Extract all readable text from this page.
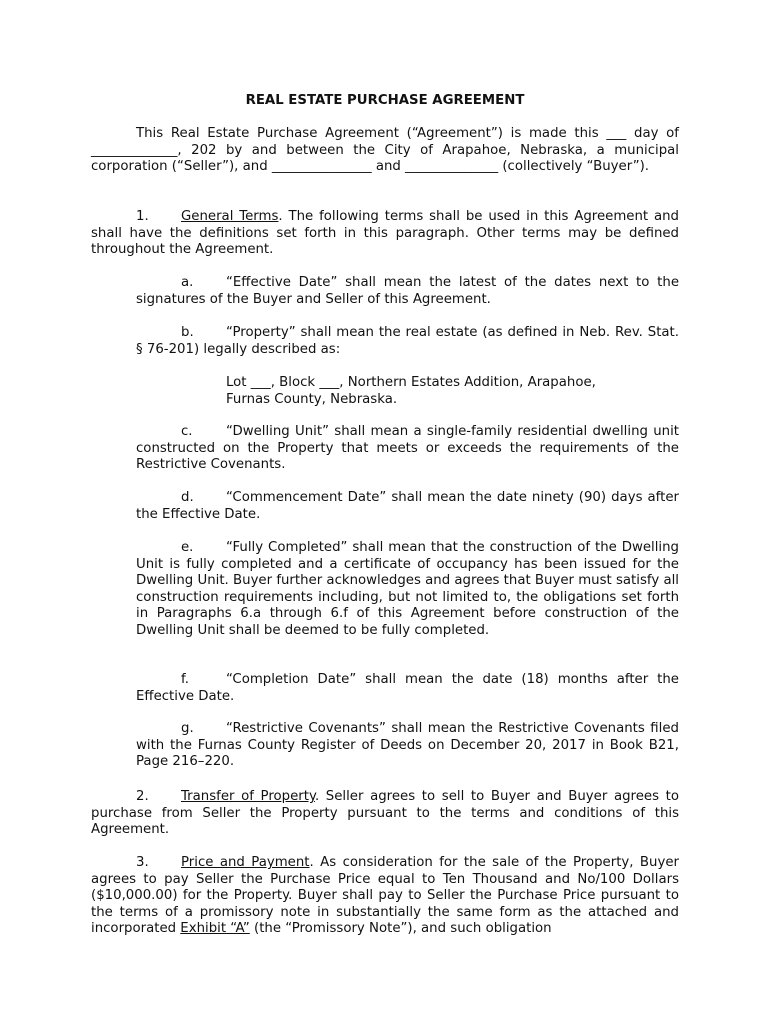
REAL ESTATE PURCHASE AGREEMENT
This Real Estate Purchase Agreement (“Agreement”) is made this ___ day of _____________, 202 by and between the City of Arapahoe, Nebraska, a municipal corporation (“Seller”), and _______________ and ______________ (collectively “Buyer”).
1. General Terms. The following terms shall be used in this Agreement and shall have the definitions set forth in this paragraph. Other terms may be defined throughout the Agreement.
a. “Effective Date” shall mean the latest of the dates next to the signatures of the Buyer and Seller of this Agreement.
b. “Property” shall mean the real estate (as defined in Neb. Rev. Stat. § 76-201) legally described as:
Lot ___, Block ___, Northern Estates Addition, Arapahoe,
Furnas County, Nebraska.
c.	“Dwelling Unit” shall mean a single-family residential dwelling unit constructed on the Property that meets or exceeds the requirements of the Restrictive Covenants.
d. “Commencement Date” shall mean the date ninety (90) days after the Effective Date.
e. “Fully Completed” shall mean that the construction of the Dwelling Unit is fully completed and a certificate of occupancy has been issued for the Dwelling Unit. Buyer further acknowledges and agrees that Buyer must satisfy all construction requirements including, but not limited to, the obligations set forth in Paragraphs 6.a through 6.f of this Agreement before construction of the Dwelling Unit shall be deemed to be fully completed.
f.	“Completion Date” shall mean the date (18) months after the Effective Date.
g. “Restrictive Covenants” shall mean the Restrictive Covenants filed with the Furnas County Register of Deeds on December 20, 2017 in Book B21, Page 216–220.
2. Transfer of Property. Seller agrees to sell to Buyer and Buyer agrees to purchase from Seller the Property pursuant to the terms and conditions of this Agreement.
3. Price and Payment. As consideration for the sale of the Property, Buyer agrees to pay Seller the Purchase Price equal to Ten Thousand and No/100 Dollars ($10,000.00) for the Property. Buyer shall pay to Seller the Purchase Price pursuant to the terms of a promissory note in substantially the same form as the attached and incorporated Exhibit “A” (the “Promissory Note”), and such obligation
